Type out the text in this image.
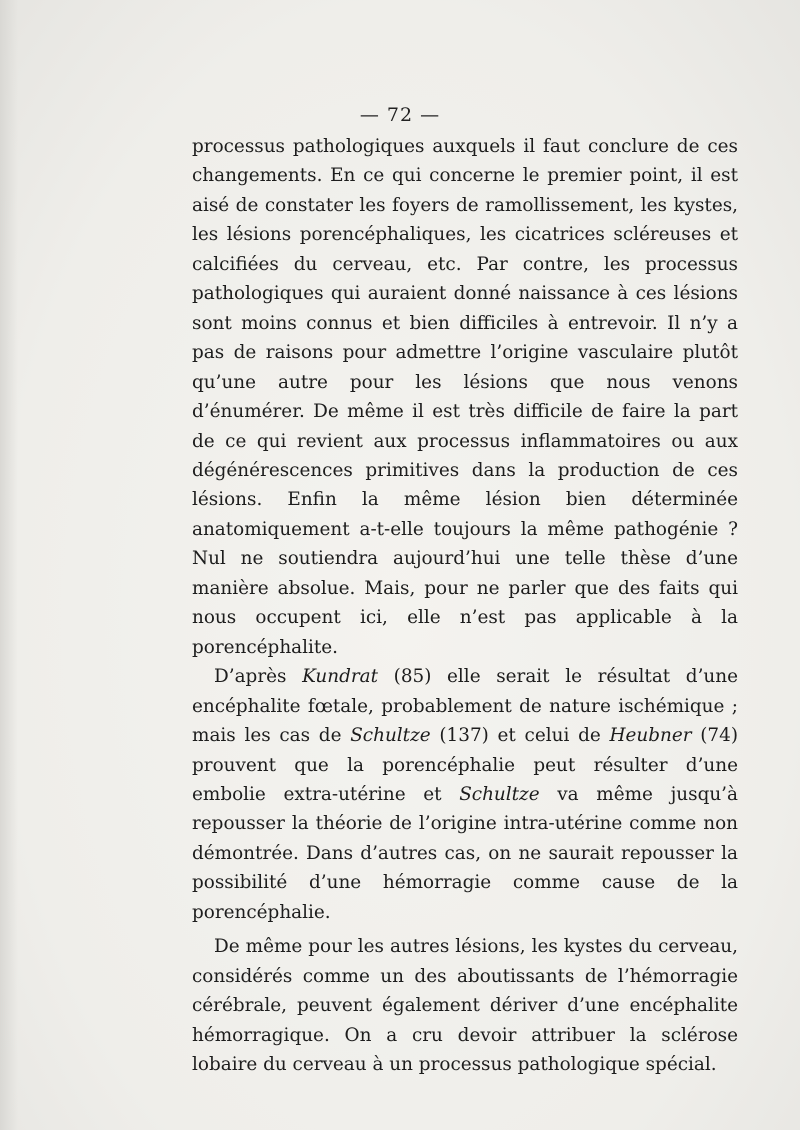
— 72 —

processus pathologiques auxquels il faut conclure de ces changements. En ce qui concerne le premier point, il est aisé de constater les foyers de ramollissement, les kystes, les lésions porencéphaliques, les cicatrices scléreuses et calcifiées du cerveau, etc. Par contre, les processus pathologiques qui auraient donné naissance à ces lésions sont moins connus et bien difficiles à entrevoir. Il n’y a pas de raisons pour admettre l’origine vasculaire plutôt qu’une autre pour les lésions que nous venons d’énumérer. De même il est très difficile de faire la part de ce qui revient aux processus inflammatoires ou aux dégénérescences primitives dans la production de ces lésions. Enfin la même lésion bien déterminée anatomiquement a-t-elle toujours la même pathogénie ? Nul ne soutiendra aujourd’hui une telle thèse d’une manière absolue. Mais, pour ne parler que des faits qui nous occupent ici, elle n’est pas applicable à la porencéphalite.

D’après Kundrat (85) elle serait le résultat d’une encéphalite fœtale, probablement de nature ischémique ; mais les cas de Schultze (137) et celui de Heubner (74) prouvent que la porencéphalie peut résulter d’une embolie extra-utérine et Schultze va même jusqu’à repousser la théorie de l’origine intra-utérine comme non démontrée. Dans d’autres cas, on ne saurait repousser la possibilité d’une hémorragie comme cause de la porencéphalie.

De même pour les autres lésions, les kystes du cerveau, considérés comme un des aboutissants de l’hémorragie cérébrale, peuvent également dériver d’une encéphalite hémorragique. On a cru devoir attribuer la sclérose lobaire du cerveau à un processus pathologique spécial.
